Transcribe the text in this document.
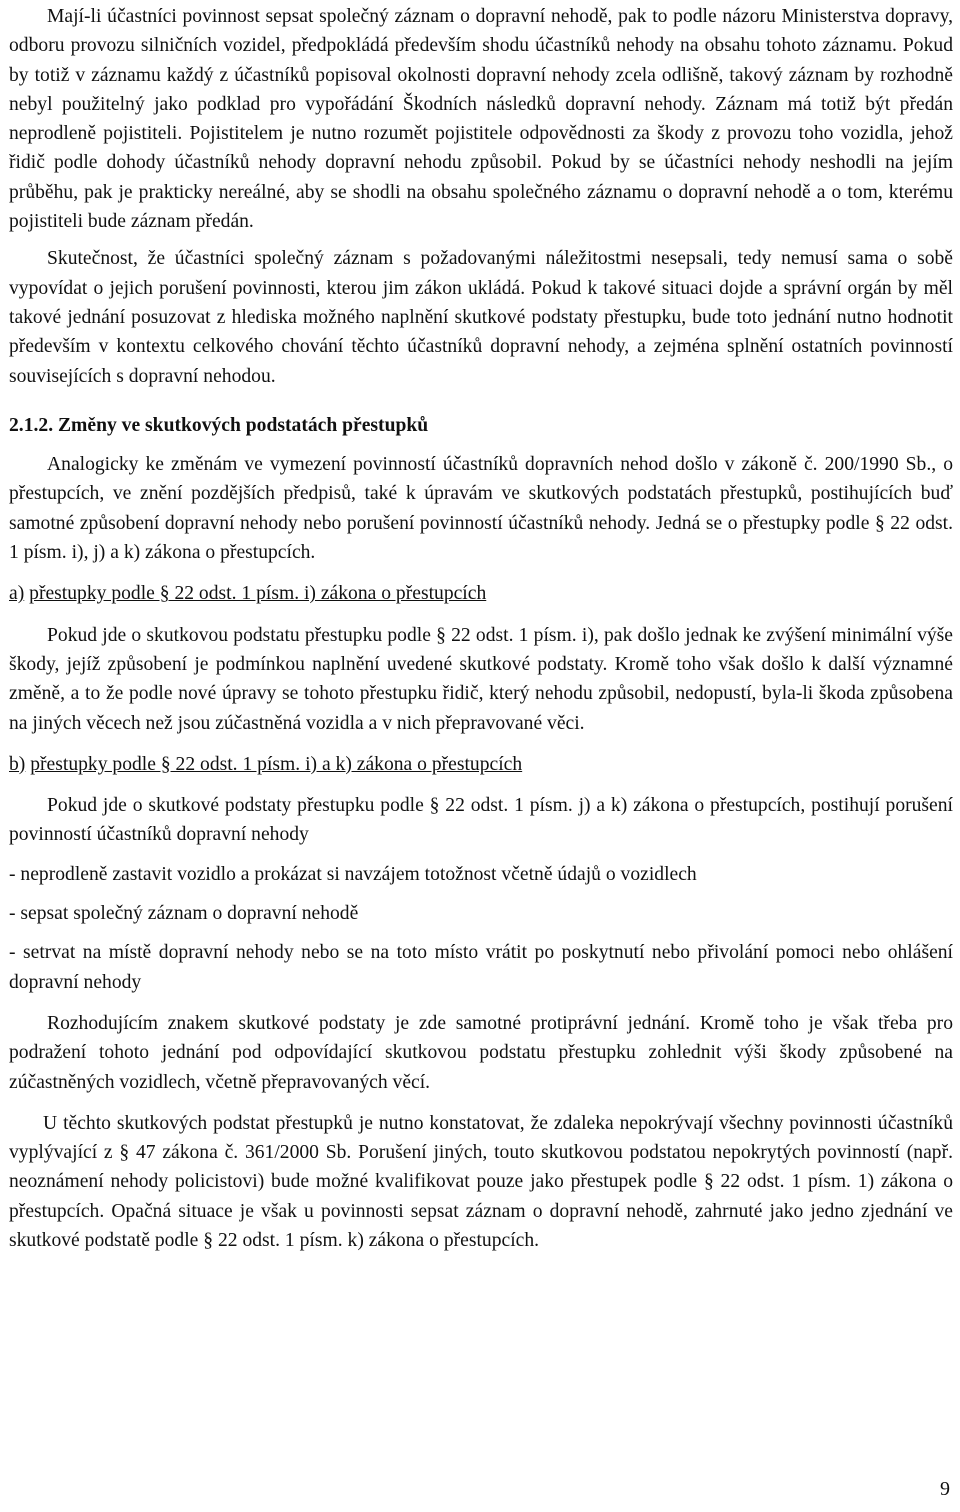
Mají-li účastníci povinnost sepsat společný záznam o dopravní nehodě, pak to podle názoru Ministerstva dopravy, odboru provozu silničních vozidel, předpokládá především shodu účastníků nehody na obsahu tohoto záznamu. Pokud by totiž v záznamu každý z účastníků popisoval okolnosti dopravní nehody zcela odlišně, takový záznam by rozhodně nebyl použitelný jako podklad pro vypořádání Škodních následků dopravní nehody. Záznam má totiž být předán neprodleně pojistiteli. Pojistitelem je nutno rozumět pojistitele odpovědnosti za škody z provozu toho vozidla, jehož řidič podle dohody účastníků nehody dopravní nehodu způsobil. Pokud by se účastníci nehody neshodli na jejím průběhu, pak je prakticky nereálné, aby se shodli na obsahu společného záznamu o dopravní nehodě a o tom, kterému pojistiteli bude záznam předán.

Skutečnost, že účastníci společný záznam s požadovanými náležitostmi nesepsali, tedy nemusí sama o sobě vypovídat o jejich porušení povinnosti, kterou jim zákon ukládá. Pokud k takové situaci dojde a správní orgán by měl takové jednání posuzovat z hlediska možného naplnění skutkové podstaty přestupku, bude toto jednání nutno hodnotit především v kontextu celkového chování těchto účastníků dopravní nehody, a zejména splnění ostatních povinností souvisejících s dopravní nehodou.

2.1.2. Změny ve skutkových podstatách přestupků

Analogicky ke změnám ve vymezení povinností účastníků dopravních nehod došlo v zákoně č. 200/1990 Sb., o přestupcích, ve znění pozdějších předpisů, také k úpravám ve skutkových podstatách přestupků, postihujících buď samotné způsobení dopravní nehody nebo porušení povinností účastníků nehody. Jedná se o přestupky podle § 22 odst. 1 písm. i), j) a k) zákona o přestupcích.

a) přestupky podle § 22 odst. 1 písm. i) zákona o přestupcích

Pokud jde o skutkovou podstatu přestupku podle § 22 odst. 1 písm. i), pak došlo jednak ke zvýšení minimální výše škody, jejíž způsobení je podmínkou naplnění uvedené skutkové podstaty. Kromě toho však došlo k další významné změně, a to že podle nové úpravy se tohoto přestupku řidič, který nehodu způsobil, nedopustí, byla-li škoda způsobena na jiných věcech než jsou zúčastněná vozidla a v nich přepravované věci.

b) přestupky podle § 22 odst. 1 písm. i) a k) zákona o přestupcích

Pokud jde o skutkové podstaty přestupku podle § 22 odst. 1 písm. j) a k) zákona o přestupcích, postihují porušení povinností účastníků dopravní nehody

- neprodleně zastavit vozidlo a prokázat si navzájem totožnost včetně údajů o vozidlech

- sepsat společný záznam o dopravní nehodě

- setrvat na místě dopravní nehody nebo se na toto místo vrátit po poskytnutí nebo přivolání pomoci nebo ohlášení dopravní nehody

Rozhodujícím znakem skutkové podstaty je zde samotné protiprávní jednání. Kromě toho je však třeba pro podražení tohoto jednání pod odpovídající skutkovou podstatu přestupku zohlednit výši škody způsobené na zúčastněných vozidlech, včetně přepravovaných věcí.

U těchto skutkových podstat přestupků je nutno konstatovat, že zdaleka nepokrývají všechny povinnosti účastníků vyplývající z § 47 zákona č. 361/2000 Sb. Porušení jiných, touto skutkovou podstatou nepokrytých povinností (např. neoznámení nehody policistovi) bude možné kvalifikovat pouze jako přestupek podle § 22 odst. 1 písm. 1) zákona o přestupcích. Opačná situace je však u povinnosti sepsat záznam o dopravní nehodě, zahrnuté jako jedno zjednání ve skutkové podstatě podle § 22 odst. 1 písm. k) zákona o přestupcích.

9
